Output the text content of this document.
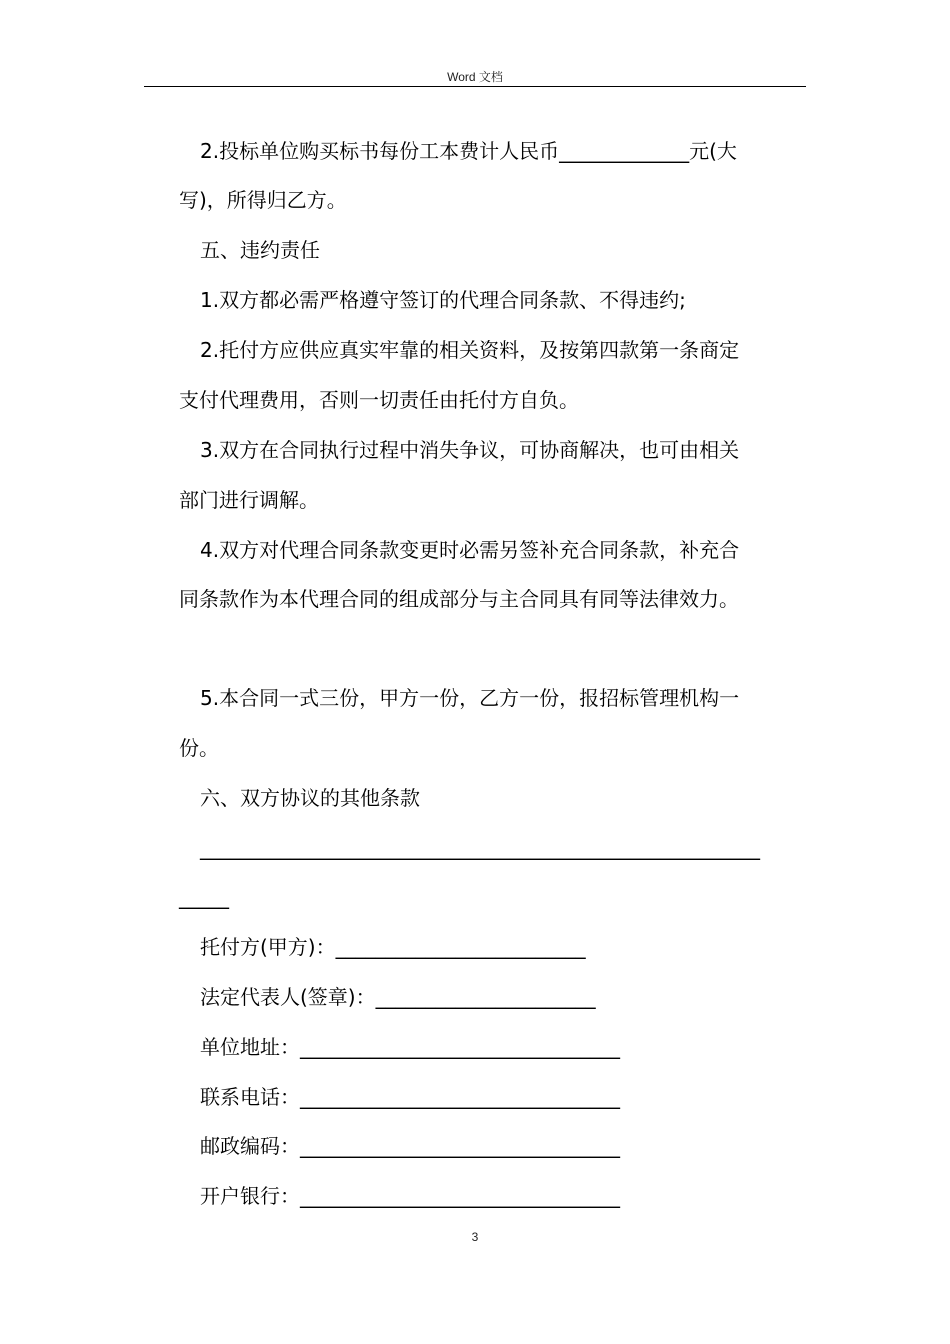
Word 文档
2.投标单位购买标书每份工本费计人民币_____________元(大
写)，所得归乙方。
五、违约责任
1.双方都必需严格遵守签订的代理合同条款、不得违约;
2.托付方应供应真实牢靠的相关资料，及按第四款第一条商定
支付代理费用，否则一切责任由托付方自负。
3.双方在合同执行过程中消失争议，可协商解决，也可由相关
部门进行调解。
4.双方对代理合同条款变更时必需另签补充合同条款，补充合
同条款作为本代理合同的组成部分与主合同具有同等法律效力。
5.本合同一式三份，甲方一份，乙方一份，报招标管理机构一
份。
六、双方协议的其他条款
________________________________________________________
_____
托付方(甲方)：_________________________
法定代表人(签章)：______________________
单位地址：________________________________
联系电话：________________________________
邮政编码：________________________________
开户银行：________________________________
3
